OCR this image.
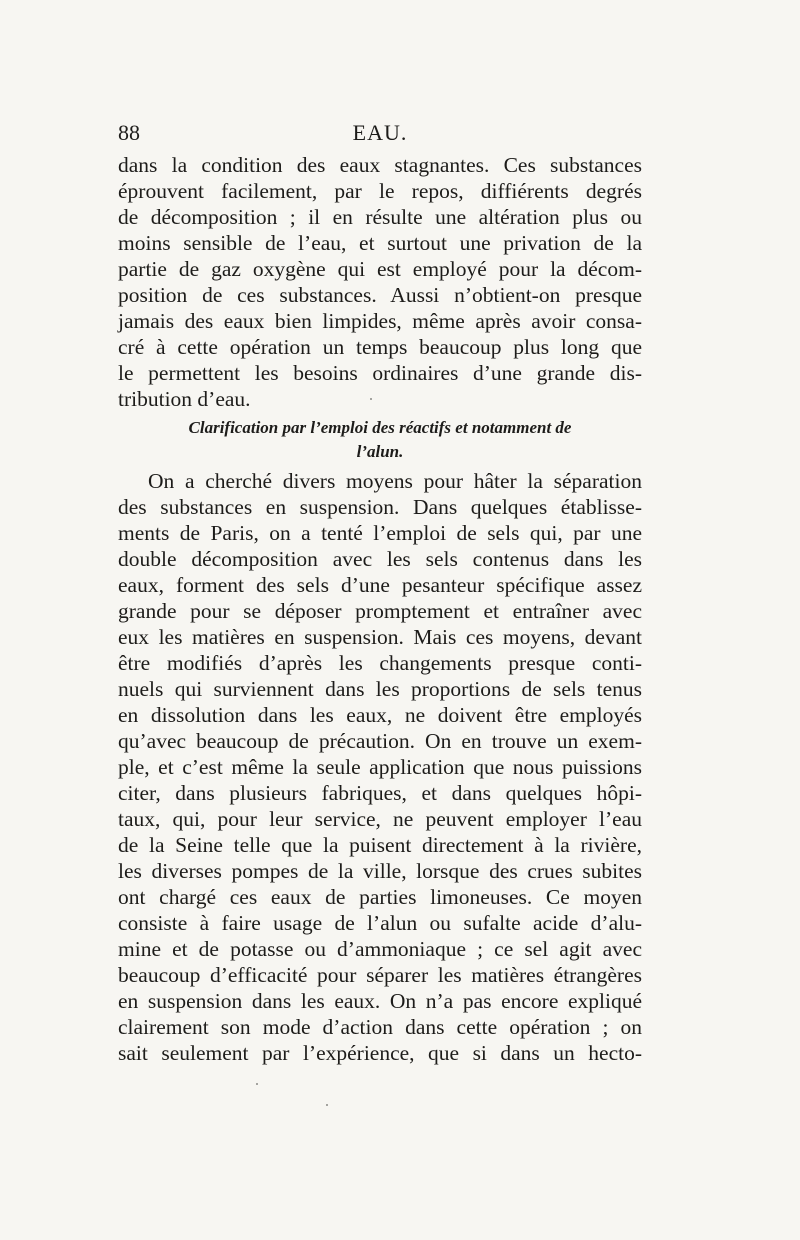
88	EAU.
dans la condition des eaux stagnantes. Ces substances
éprouvent facilement, par le repos, diffiérents degrés
de décomposition ; il en résulte une altération plus ou
moins sensible de l’eau, et surtout une privation de la
partie de gaz oxygène qui est employé pour la décom-
position de ces substances. Aussi n’obtient-on presque
jamais des eaux bien limpides, même après avoir consa-
cré à cette opération un temps beaucoup plus long que
le permettent les besoins ordinaires d’une grande dis-
tribution d’eau.
Clarification par l’emploi des réactifs et notamment de
l’alun.
On a cherché divers moyens pour hâter la séparation
des substances en suspension. Dans quelques établisse-
ments de Paris, on a tenté l’emploi de sels qui, par une
double décomposition avec les sels contenus dans les
eaux, forment des sels d’une pesanteur spécifique assez
grande pour se déposer promptement et entraîner avec
eux les matières en suspension. Mais ces moyens, devant
être modifiés d’après les changements presque conti-
nuels qui surviennent dans les proportions de sels tenus
en dissolution dans les eaux, ne doivent être employés
qu’avec beaucoup de précaution. On en trouve un exem-
ple, et c’est même la seule application que nous puissions
citer, dans plusieurs fabriques, et dans quelques hôpi-
taux, qui, pour leur service, ne peuvent employer l’eau
de la Seine telle que la puisent directement à la rivière,
les diverses pompes de la ville, lorsque des crues subites
ont chargé ces eaux de parties limoneuses. Ce moyen
consiste à faire usage de l’alun ou sufalte acide d’alu-
mine et de potasse ou d’ammoniaque ; ce sel agit avec
beaucoup d’efficacité pour séparer les matières étrangères
en suspension dans les eaux. On n’a pas encore expliqué
clairement son mode d’action dans cette opération ; on
sait seulement par l’expérience, que si dans un hecto-
